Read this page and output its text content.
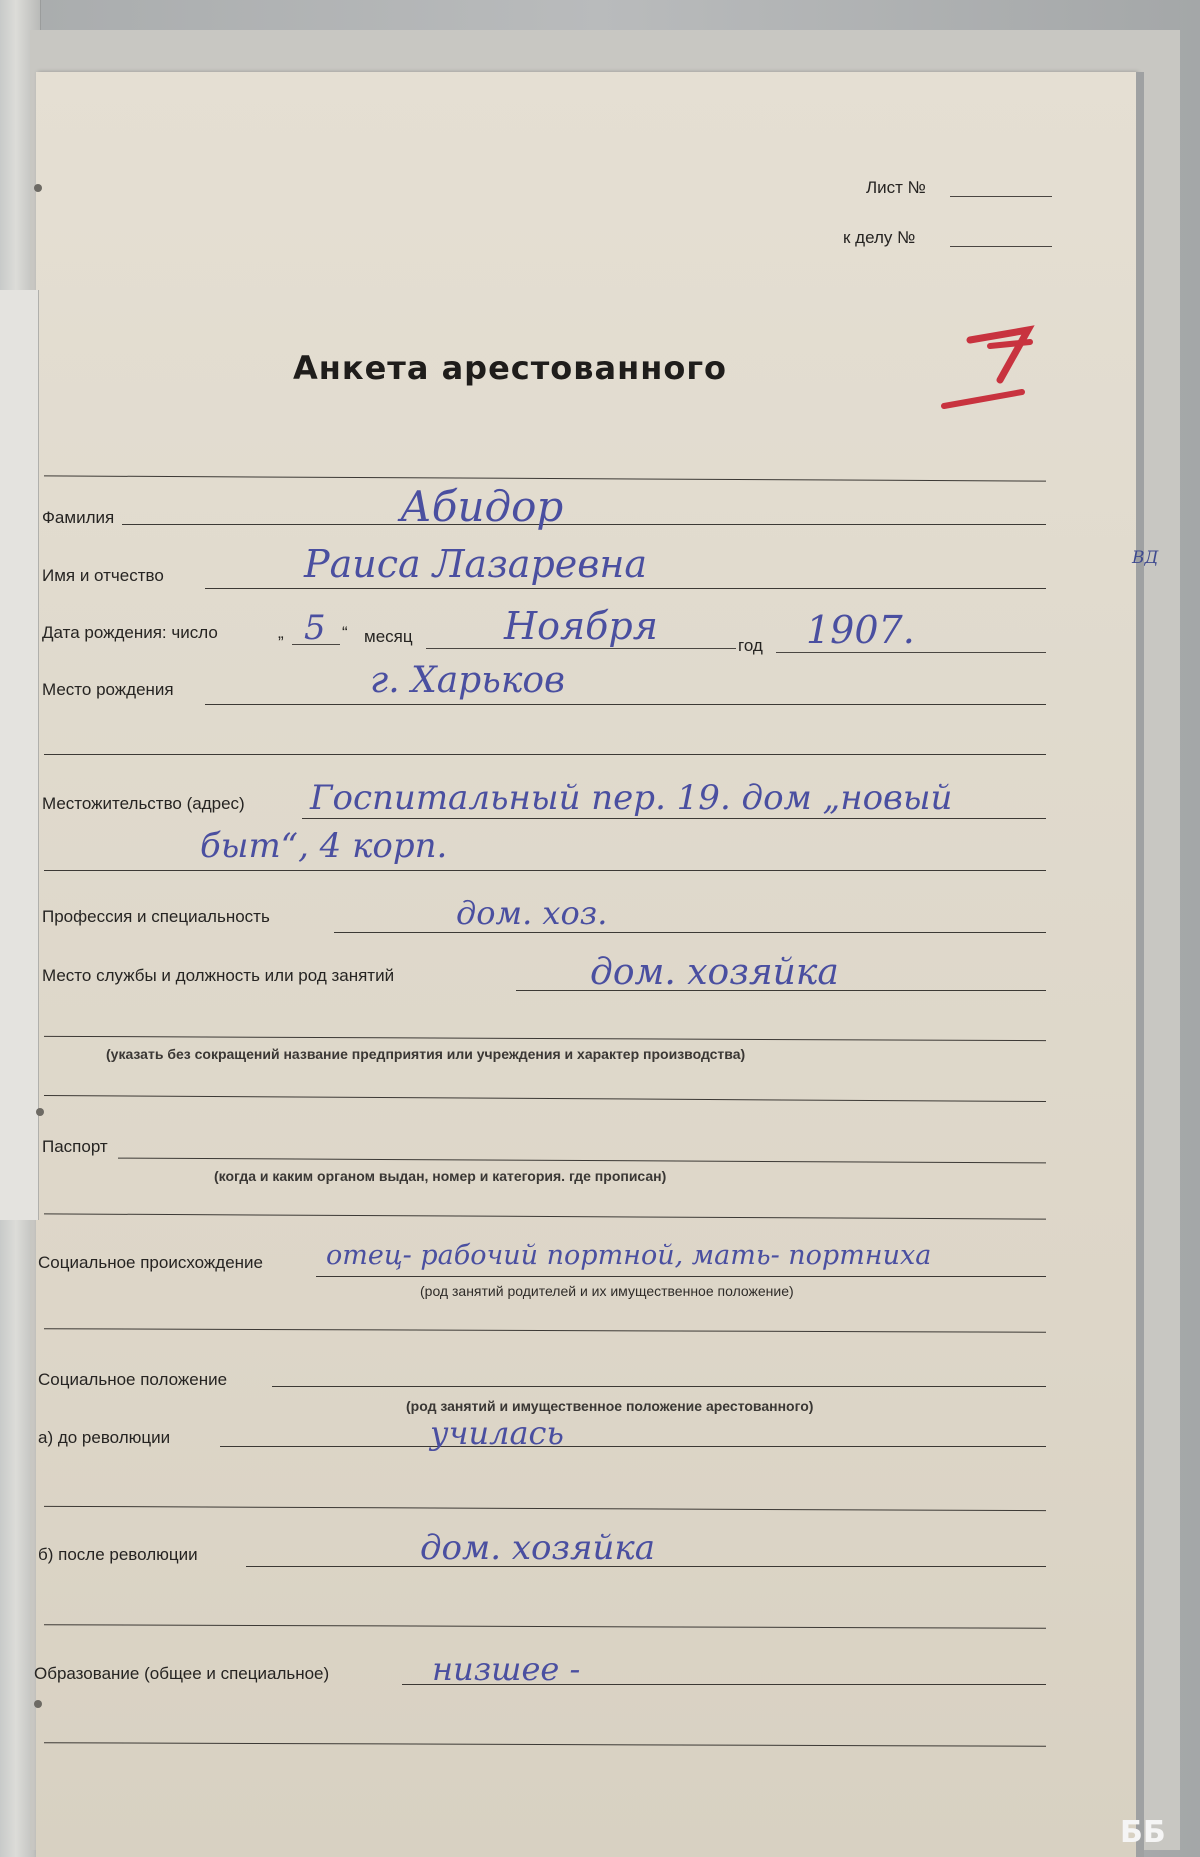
Лист №
к делу №
ВД
Анкета арестованного
Фамилия	Абидор
Имя и отчество	Раиса Лазаревна
Дата рождения: число	„ 5 “ месяц Ноября	год 1907.
Место рождения	г. Харьков
Местожительство (адрес) Госпитальный пер. 19. дом „новый
быт“, 4 корп.
Профессия и специальность	дом. хоз.
Место службы и должность или род занятий	дом. хозяйка
(указать без сокращений название предприятия или учреждения и характер производства)
Паспорт
(когда и каким органом выдан, номер и категория. где прописан)
Социальное происхождение отец- рабочий портной, мать- портниха
(род занятий родителей и их имущественное положение)
Социальное положение
(род занятий и имущественное положение арестованного)
а) до революции	училась
б) после революции	дом. хозяйка
Образование (общее и специальное)	низшее -
ББ
